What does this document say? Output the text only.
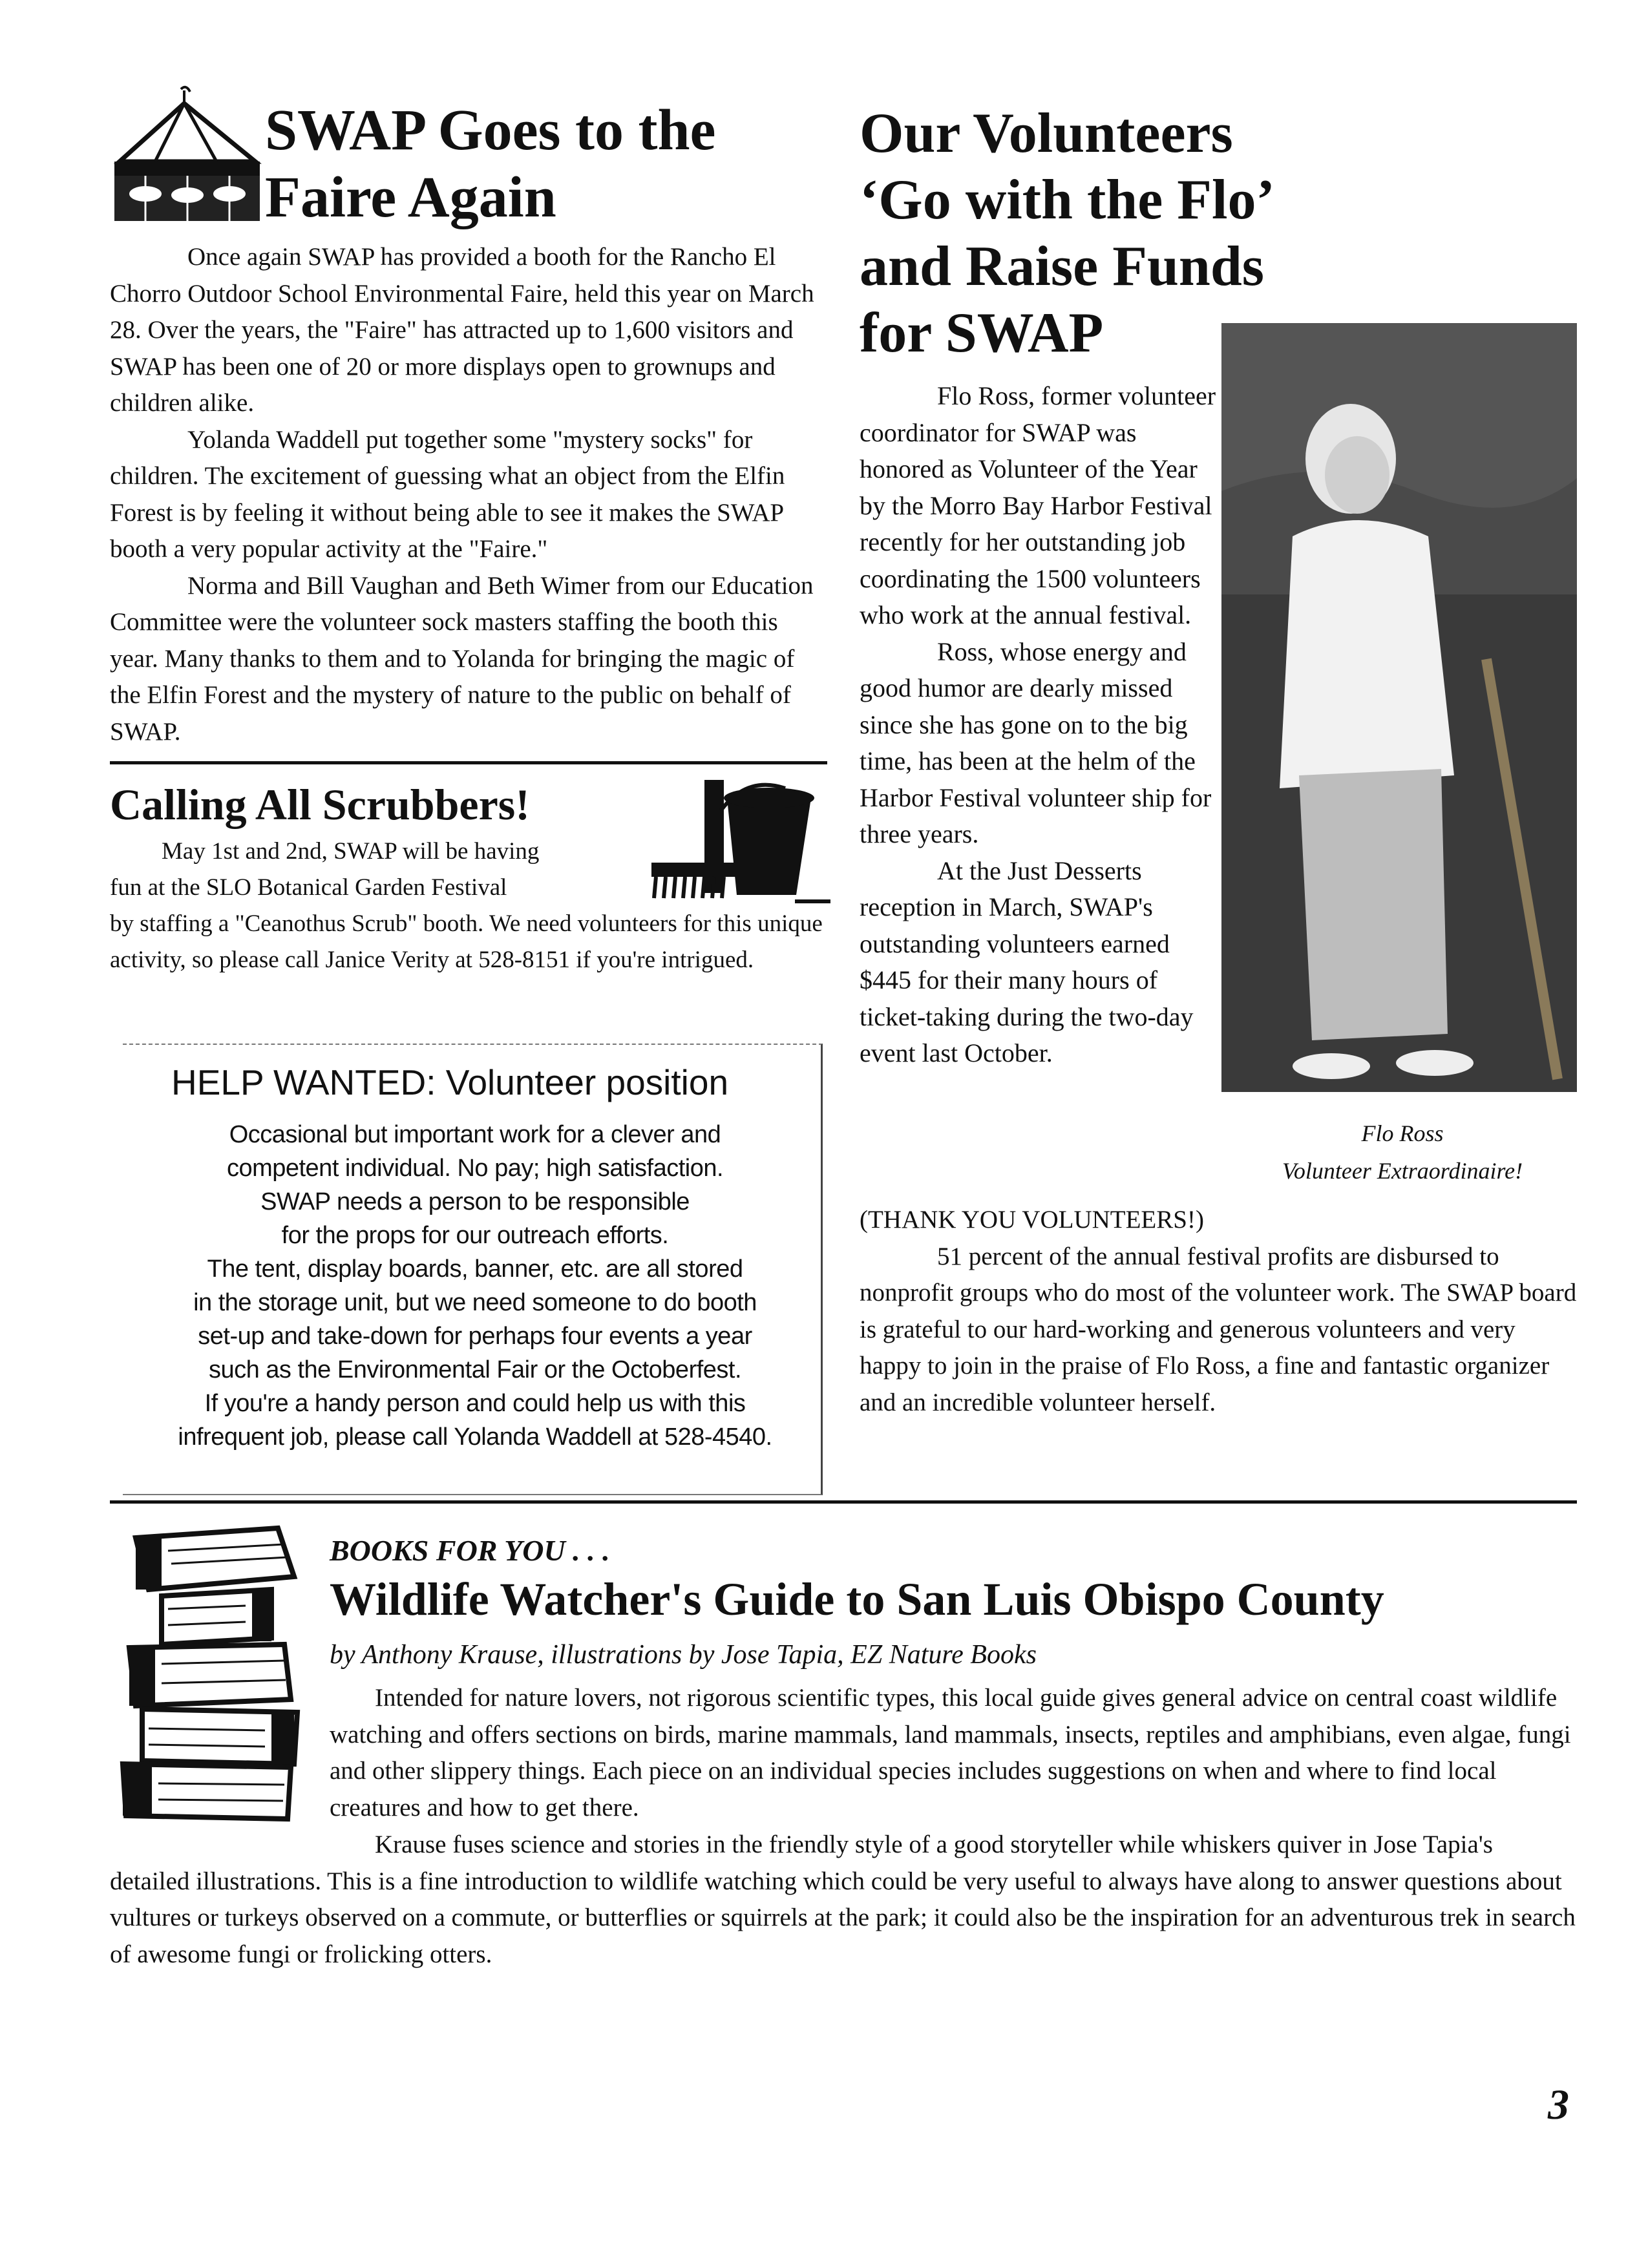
SWAP Goes to the
Faire Again

Once again SWAP has provided a booth for the Rancho El Chorro Outdoor School Environmental Faire, held this year on March 28. Over the years, the "Faire" has attracted up to 1,600 visitors and SWAP has been one of 20 or more displays open to grownups and children alike.

Yolanda Waddell put together some "mystery socks" for children. The excitement of guessing what an object from the Elfin Forest is by feeling it without being able to see it makes the SWAP booth a very popular activity at the "Faire."

Norma and Bill Vaughan and Beth Wimer from our Education Committee were the volunteer sock masters staffing the booth this year. Many thanks to them and to Yolanda for bringing the magic of the Elfin Forest and the mystery of nature to the public on behalf of SWAP.

Calling All Scrubbers!
May 1st and 2nd, SWAP will be having
fun at the SLO Botanical Garden Festival
by staffing a "Ceanothus Scrub" booth. We need volunteers for this unique activity, so please call Janice Verity at 528-8151 if you're intrigued.
HELP WANTED: Volunteer position
Occasional but important work for a clever and
competent individual. No pay; high satisfaction.
SWAP needs a person to be responsible
for the props for our outreach efforts.
The tent, display boards, banner, etc. are all stored
in the storage unit, but we need someone to do booth
set-up and take-down for perhaps four events a year
such as the Environmental Fair or the Octoberfest.
If you're a handy person and could help us with this
infrequent job, please call Yolanda Waddell at 528-4540.
Our Volunteers
‘Go with the Flo’
and Raise Funds
for SWAP

Flo Ross, former volunteer coordinator for SWAP was honored as Volunteer of the Year by the Morro Bay Harbor Festival recently for her outstanding job coordinating the 1500 volunteers who work at the annual festival.

Ross, whose energy and good humor are dearly missed since she has gone on to the big time, has been at the helm of the Harbor Festival volunteer ship for three years.

At the Just Desserts reception in March, SWAP's outstanding volunteers earned $445 for their many hours of ticket-taking during the two-day event last October.

(THANK YOU VOLUNTEERS!)

51 percent of the annual festival profits are disbursed to nonprofit groups who do most of the volunteer work. The SWAP board is grateful to our hard-working and generous volunteers and very happy to join in the praise of Flo Ross, a fine and fantastic organizer and an incredible volunteer herself.

Flo Ross
Volunteer Extraordinaire!
BOOKS FOR YOU . . .
Wildlife Watcher's Guide to San Luis Obispo County
by Anthony Krause, illustrations by Jose Tapia, EZ Nature Books

Intended for nature lovers, not rigorous scientific types, this local guide gives general advice on central coast wildlife watching and offers sections on birds, marine mammals, land mammals, insects, reptiles and amphibians, even algae, fungi and other slippery things. Each piece on an individual species includes suggestions on when and where to find local creatures and how to get there.

Krause fuses science and stories in the friendly style of a good storyteller while whiskers quiver in Jose Tapia's detailed illustrations. This is a fine introduction to wildlife watching which could be very useful to always have along to answer questions about vultures or turkeys observed on a commute, or butterflies or squirrels at the park; it could also be the inspiration for an adventurous trek in search of awesome fungi or frolicking otters.

3
